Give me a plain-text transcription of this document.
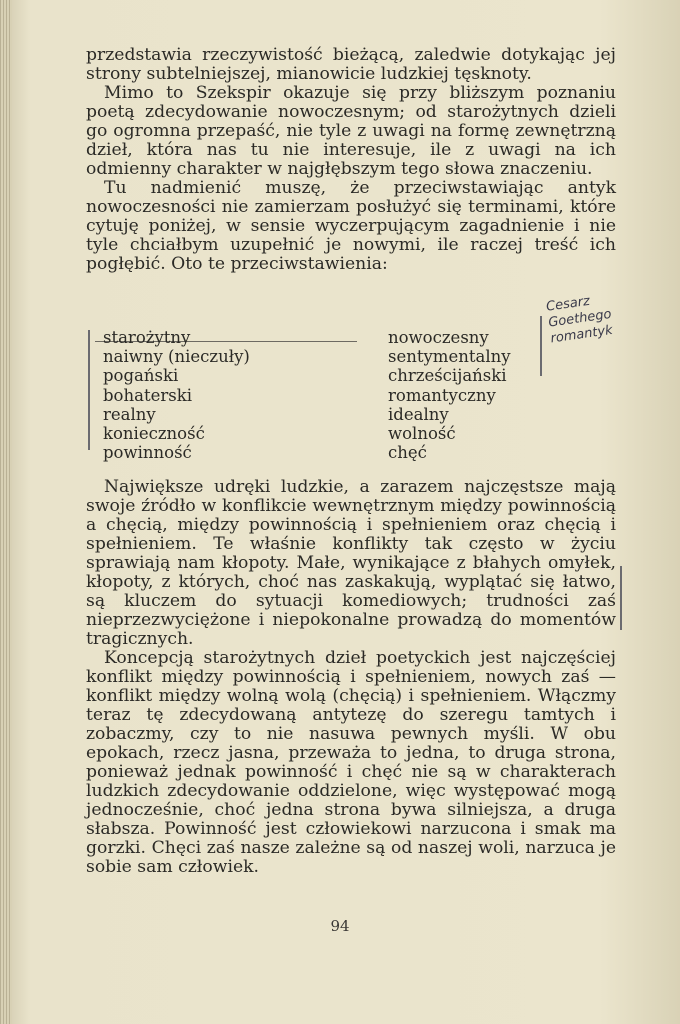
przedstawia rzeczywistość bieżącą, zaledwie dotykając jej strony subtelniejszej, mianowicie ludzkiej tęsknoty.

Mimo to Szekspir okazuje się przy bliższym poznaniu poetą zdecydowanie nowoczesnym; od starożytnych dzieli go ogromna przepaść, nie tyle z uwagi na formę zewnętrzną dzieł, która nas tu nie interesuje, ile z uwagi na ich odmienny charakter w najgłębszym tego słowa znaczeniu.

Tu nadmienić muszę, że przeciwstawiając antyk nowoczesności nie zamierzam posłużyć się terminami, które cytuję poniżej, w sensie wyczerpującym zagadnienie i nie tyle chciałbym uzupełnić je nowymi, ile raczej treść ich pogłębić. Oto te przeciwstawienia:

Cesarz Goethego romantyk
starożytny
naiwny (nieczuły)
pogański
bohaterski
realny
konieczność
powinność
nowoczesny
sentymentalny
chrześcijański
romantyczny
idealny
wolność
chęć

Największe udręki ludzkie, a zarazem najczęstsze mają swoje źródło w konflikcie wewnętrznym między powinnością a chęcią, między powinnością i spełnieniem oraz chęcią i spełnieniem. Te właśnie konflikty tak często w życiu sprawiają nam kłopoty. Małe, wynikające z błahych omyłek, kłopoty, z których, choć nas zaskakują, wyplątać się łatwo, są kluczem do sytuacji komediowych; trudności zaś nieprzezwyciężone i niepokonalne prowadzą do momentów tragicznych.

Koncepcją starożytnych dzieł poetyckich jest najczęściej konflikt między powinnością i spełnieniem, nowych zaś — konflikt między wolną wolą (chęcią) i spełnieniem. Włączmy teraz tę zdecydowaną antytezę do szeregu tamtych i zobaczmy, czy to nie nasuwa pewnych myśli. W obu epokach, rzecz jasna, przeważa to jedna, to druga strona, ponieważ jednak powinność i chęć nie są w charakterach ludzkich zdecydowanie oddzielone, więc występować mogą jednocześnie, choć jedna strona bywa silniejsza, a druga słabsza. Powinność jest człowiekowi narzucona i smak ma gorzki. Chęci zaś nasze zależne są od naszej woli, narzuca je sobie sam człowiek.

94
